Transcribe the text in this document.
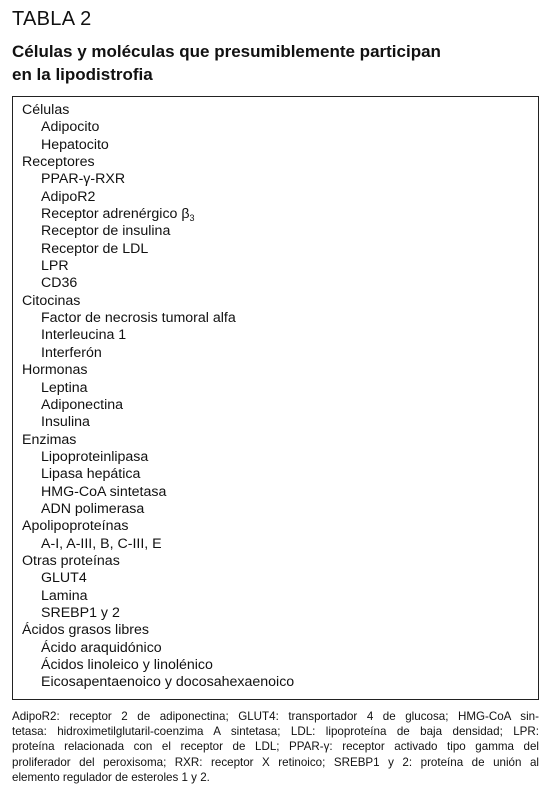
TABLA 2
Células y moléculas que presumiblemente participan
en la lipodistrofia
Células
Adipocito
Hepatocito
Receptores
PPAR-γ-RXR
AdipoR2
Receptor adrenérgico $\beta_3$
Receptor de insulina
Receptor de LDL
LPR
CD36
Citocinas
Factor de necrosis tumoral alfa
Interleucina 1
Interferón
Hormonas
Leptina
Adiponectina
Insulina
Enzimas
Lipoproteinlipasa
Lipasa hepática
HMG-CoA sintetasa
ADN polimerasa
Apolipoproteínas
A-I, A-III, B, C-III, E
Otras proteínas
GLUT4
Lamina
SREBP1 y 2
Ácidos grasos libres
Ácido araquidónico
Ácidos linoleico y linolénico
Eicosapentaenoico y docosahexaenoico
AdipoR2: receptor 2 de adiponectina; GLUT4: transportador 4 de glucosa; HMG-CoA sin-
tetasa: hidroximetilglutaril-coenzima A sintetasa; LDL: lipoproteína de baja densidad; LPR:
proteína relacionada con el receptor de LDL; PPAR-γ: receptor activado tipo gamma del
proliferador del peroxisoma; RXR: receptor X retinoico; SREBP1 y 2: proteína de unión al
elemento regulador de esteroles 1 y 2.
